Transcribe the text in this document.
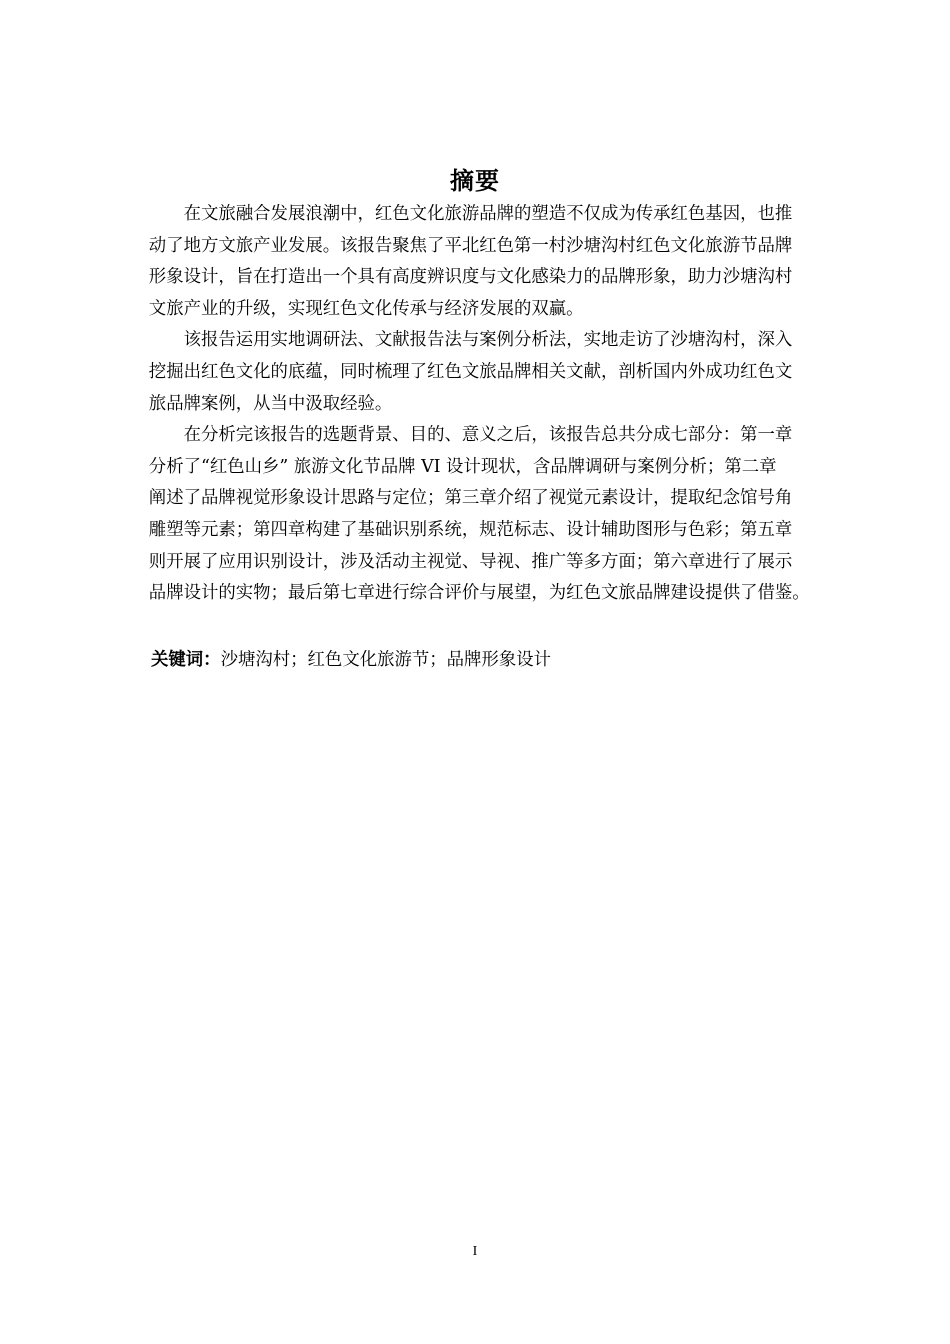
摘要
在文旅融合发展浪潮中，红色文化旅游品牌的塑造不仅成为传承红色基因，也推
动了地方文旅产业发展。该报告聚焦了平北红色第一村沙塘沟村红色文化旅游节品牌
形象设计，旨在打造出一个具有高度辨识度与文化感染力的品牌形象，助力沙塘沟村
文旅产业的升级，实现红色文化传承与经济发展的双赢。
该报告运用实地调研法、文献报告法与案例分析法，实地走访了沙塘沟村，深入
挖掘出红色文化的底蕴，同时梳理了红色文旅品牌相关文献，剖析国内外成功红色文
旅品牌案例，从当中汲取经验。
在分析完该报告的选题背景、目的、意义之后，该报告总共分成七部分：第一章
分析了“红色山乡” 旅游文化节品牌 VI 设计现状，含品牌调研与案例分析；第二章
阐述了品牌视觉形象设计思路与定位；第三章介绍了视觉元素设计，提取纪念馆号角
雕塑等元素；第四章构建了基础识别系统，规范标志、设计辅助图形与色彩；第五章
则开展了应用识别设计，涉及活动主视觉、导视、推广等多方面；第六章进行了展示
品牌设计的实物；最后第七章进行综合评价与展望，为红色文旅品牌建设提供了借鉴。
关键词：沙塘沟村；红色文化旅游节；品牌形象设计
I
